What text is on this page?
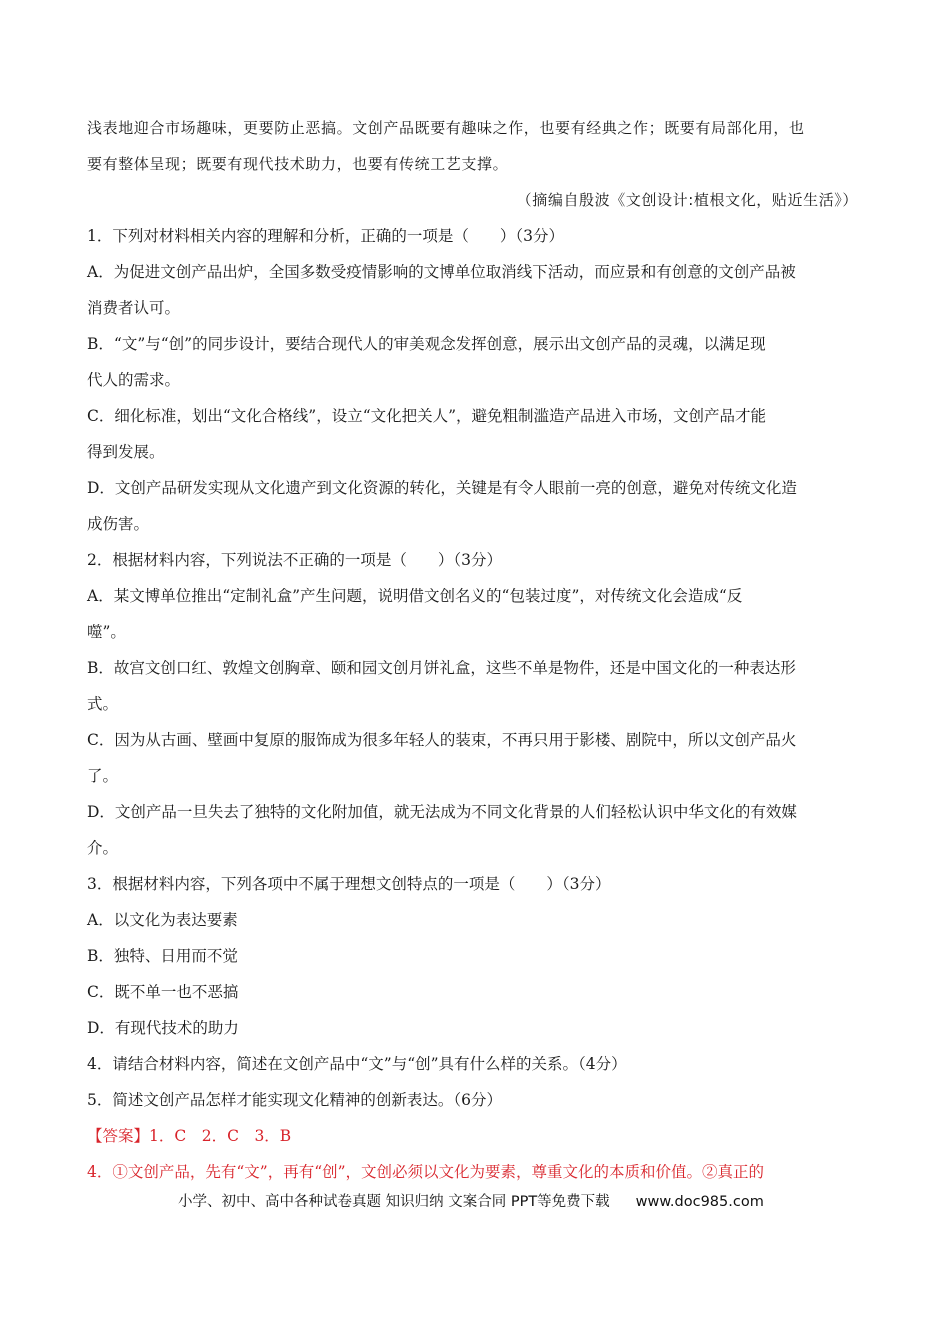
浅表地迎合市场趣味，更要防止恶搞。文创产品既要有趣味之作，也要有经典之作；既要有局部化用，也
要有整体呈现；既要有现代技术助力，也要有传统工艺支撑。
（摘编自殷波《文创设计:植根文化，贴近生活》）
1．下列对材料相关内容的理解和分析，正确的一项是（　　）（3分）
A．为促进文创产品出炉，全国多数受疫情影响的文博单位取消线下活动，而应景和有创意的文创产品被
消费者认可。
B．“文”与“创”的同步设计，要结合现代人的审美观念发挥创意，展示出文创产品的灵魂，以满足现
代人的需求。
C．细化标准，划出“文化合格线”，设立“文化把关人”，避免粗制滥造产品进入市场，文创产品才能
得到发展。
D．文创产品研发实现从文化遗产到文化资源的转化，关键是有令人眼前一亮的创意，避免对传统文化造
成伤害。
2．根据材料内容，下列说法不正确的一项是（　　）（3分）
A．某文博单位推出“定制礼盒”产生问题，说明借文创名义的“包装过度”，对传统文化会造成“反
噬”。
B．故宫文创口红、敦煌文创胸章、颐和园文创月饼礼盒，这些不单是物件，还是中国文化的一种表达形
式。
C．因为从古画、壁画中复原的服饰成为很多年轻人的装束，不再只用于影楼、剧院中，所以文创产品火
了。
D．文创产品一旦失去了独特的文化附加值，就无法成为不同文化背景的人们轻松认识中华文化的有效媒
介。
3．根据材料内容，下列各项中不属于理想文创特点的一项是（　　）（3分）
A．以文化为表达要素
B．独特、日用而不觉
C．既不单一也不恶搞
D．有现代技术的助力
4．请结合材料内容，简述在文创产品中“文”与“创”具有什么样的关系。（4分）
5．简述文创产品怎样才能实现文化精神的创新表达。（6分）
【答案】1．C　2．C　3．B
4．①文创产品，先有“文”，再有“创”，文创必须以文化为要素，尊重文化的本质和价值。②真正的
小学、初中、高中各种试卷真题 知识归纳 文案合同 PPT等免费下载 www.doc985.com
